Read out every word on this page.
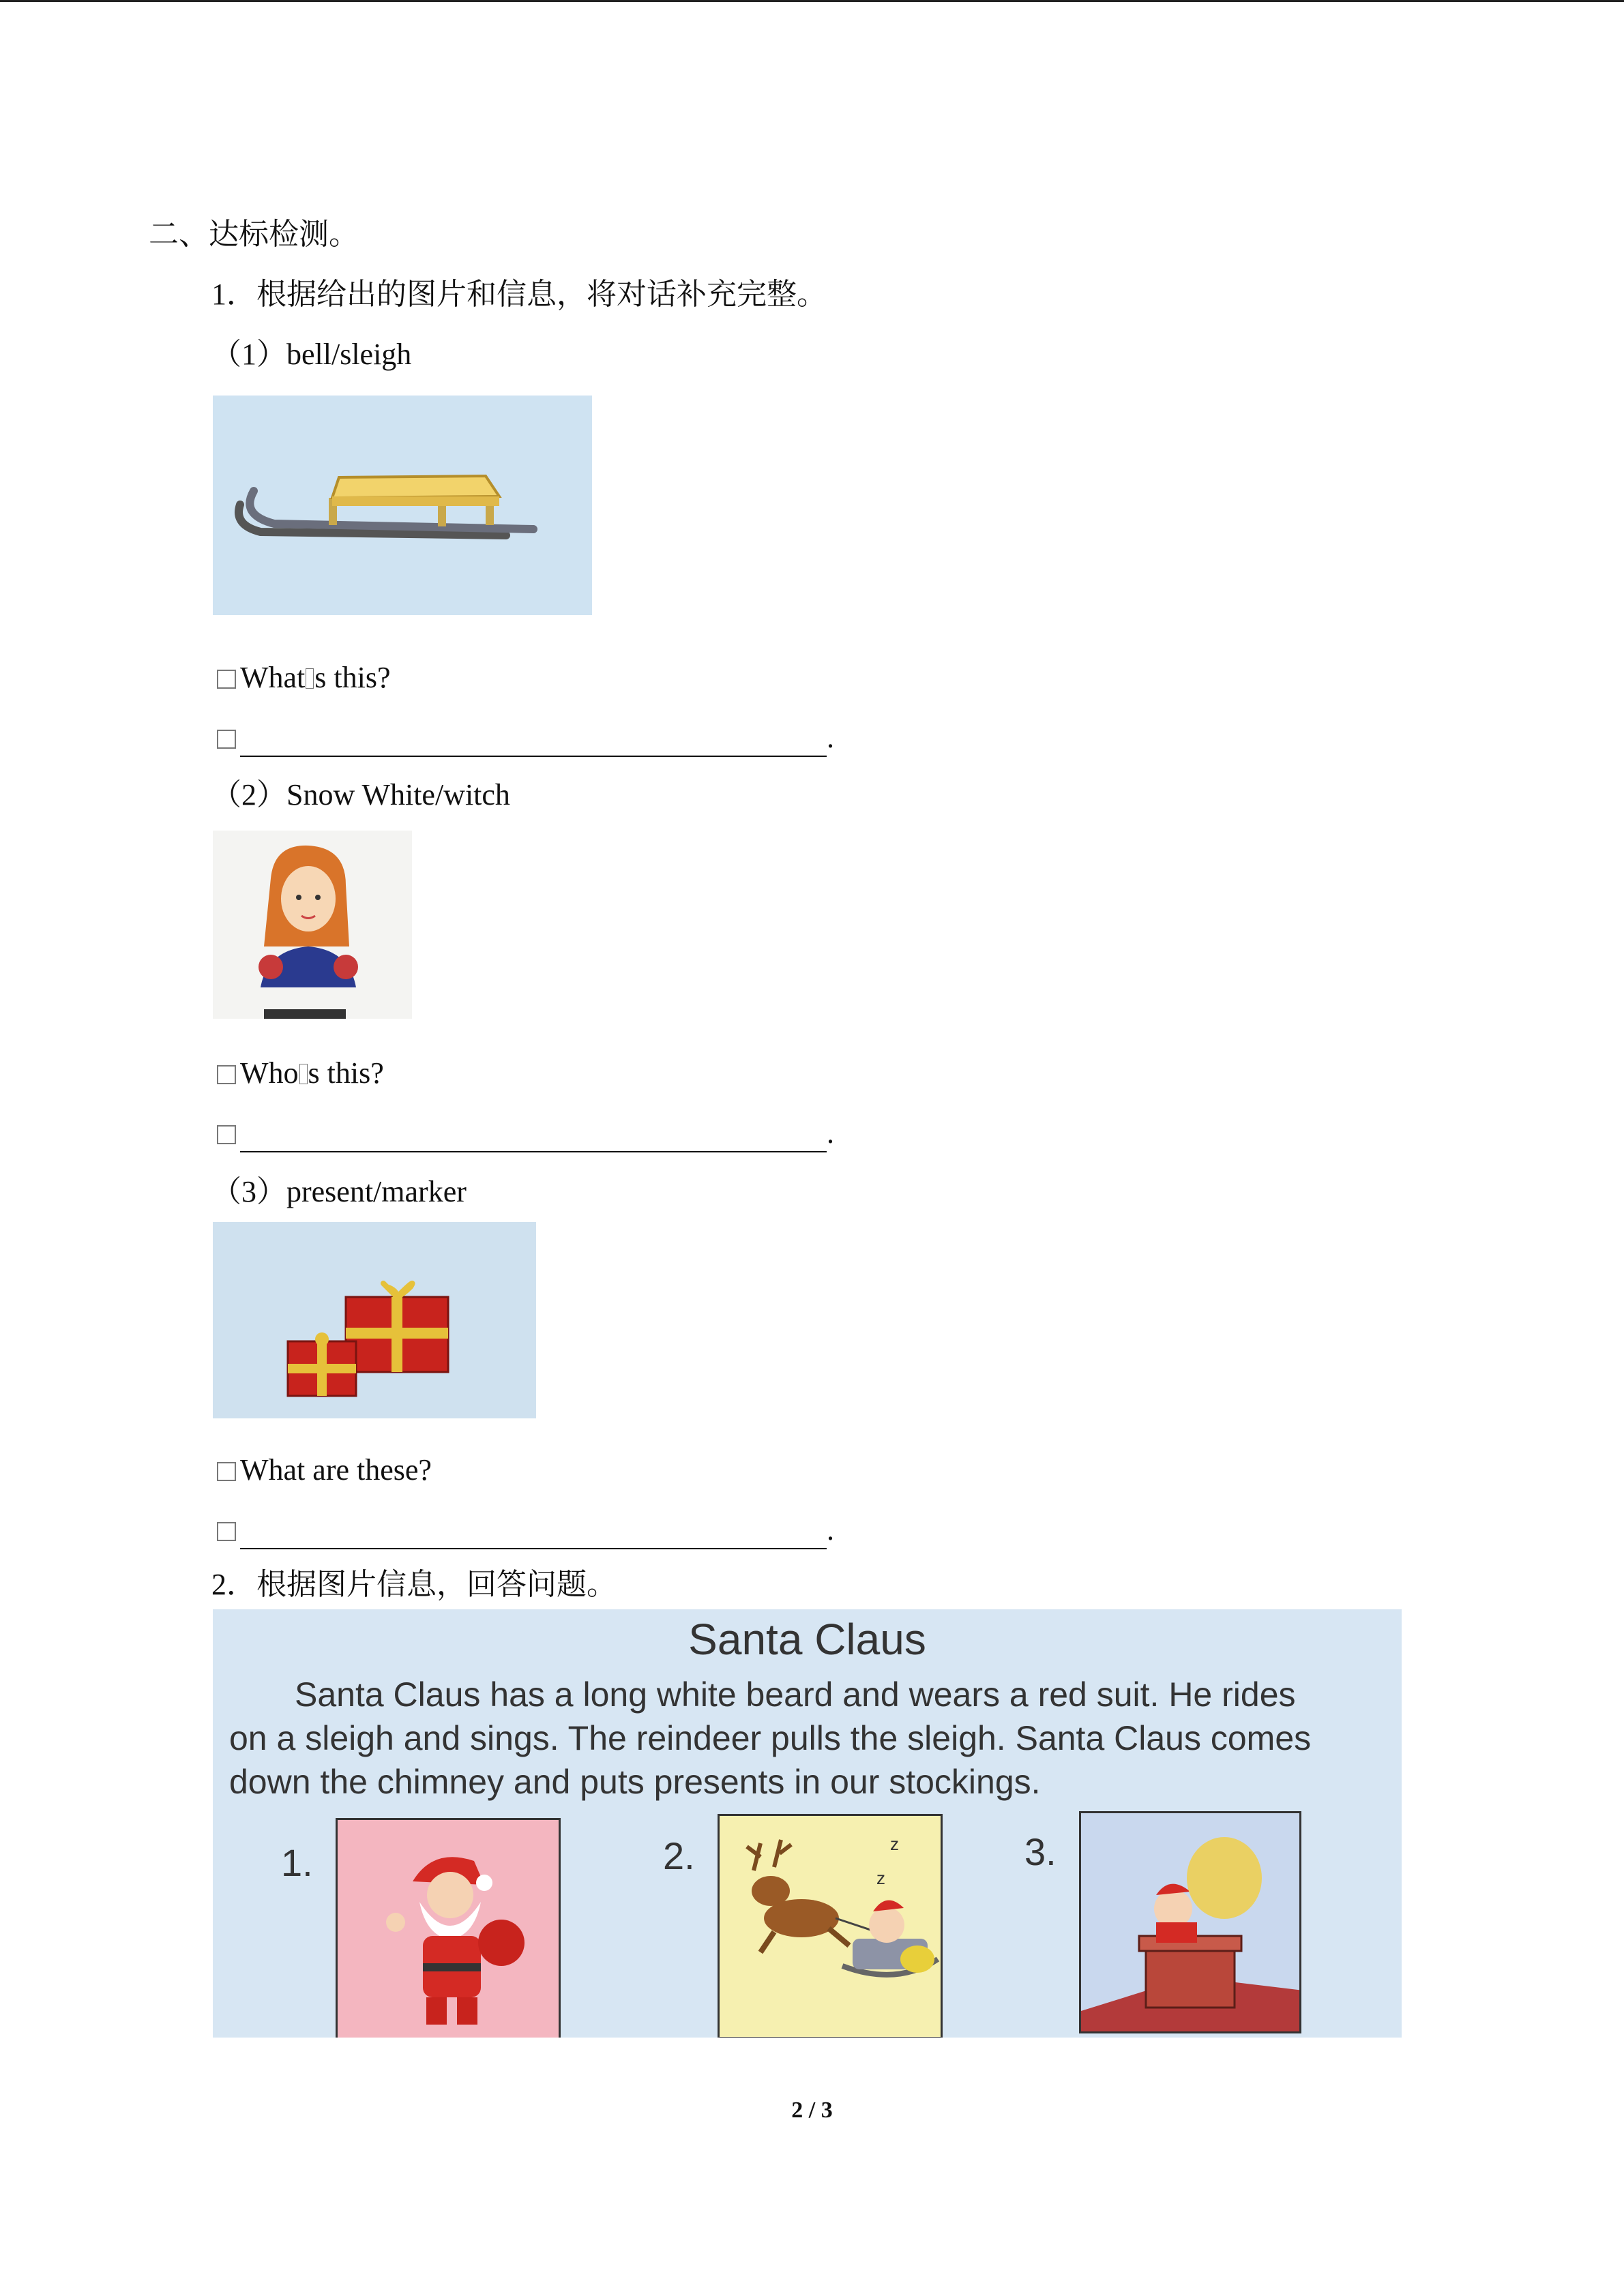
二、达标检测。
1．根据给出的图片和信息，将对话补充完整。
（1）bell/sleigh
What s this?
.
（2）Snow White/witch
Who s this?
.
（3）present/marker
What are these?
.
2．根据图片信息，回答问题。
Santa Claus
Santa Claus has a long white beard and wears a red suit. He rides
on a sleigh and sings. The reindeer pulls the sleigh. Santa Claus comes
down the chimney and puts presents in our stockings.
1.	2.	3.
z
z
2 / 3
